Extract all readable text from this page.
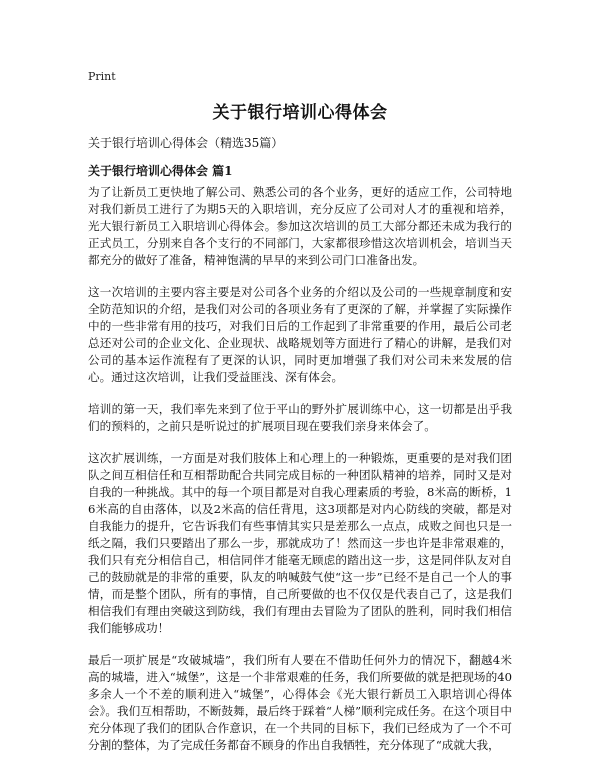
Print
关于银行培训心得体会

关于银行培训心得体会（精选35篇）

关于银行培训心得体会 篇1

为了让新员工更快地了解公司、熟悉公司的各个业务，更好的适应工作，公司特地对我们新员工进行了为期5天的入职培训，充分反应了公司对人才的重视和培养，光大银行新员工入职培训心得体会。参加这次培训的员工大部分都还未成为我行的正式员工，分别来自各个支行的不同部门，大家都很珍惜这次培训机会，培训当天都充分的做好了准备，精神饱满的早早的来到公司门口准备出发。

这一次培训的主要内容主要是对公司各个业务的介绍以及公司的一些规章制度和安全防范知识的介绍，是我们对公司的各项业务有了更深的了解，并掌握了实际操作中的一些非常有用的技巧，对我们日后的工作起到了非常重要的作用，最后公司老总还对公司的企业文化、企业现状、战略规划等方面进行了精心的讲解，是我们对公司的基本运作流程有了更深的认识，同时更加增强了我们对公司未来发展的信心。通过这次培训，让我们受益匪浅、深有体会。

培训的第一天，我们率先来到了位于平山的野外扩展训练中心，这一切都是出乎我们的预料的，之前只是听说过的扩展项目现在要我们亲身来体会了。

这次扩展训练，一方面是对我们肢体上和心理上的一种锻炼，更重要的是对我们团队之间互相信任和互相帮助配合共同完成目标的一种团队精神的培养，同时又是对自我的一种挑战。其中的每一个项目都是对自我心理素质的考验，8米高的断桥，16米高的自由落体，以及2米高的信任背甩，这3项都是对内心防线的突破，都是对自我能力的提升，它告诉我们有些事情其实只是差那么一点点，成败之间也只是一纸之隔，我们只要踏出了那么一步，那就成功了！然而这一步也许是非常艰难的，我们只有充分相信自己，相信同伴才能毫无顾虑的踏出这一步，这是同伴队友对自己的鼓励就是的非常的重要，队友的呐喊鼓气使“这一步”已经不是自己一个人的事情，而是整个团队，所有的事情，自己所要做的也不仅仅是代表自己了，这是我们相信我们有理由突破这到防线，我们有理由去冒险为了团队的胜利，同时我们相信我们能够成功！

最后一项扩展是“攻破城墙”，我们所有人要在不借助任何外力的情况下，翻越4米高的城墙，进入“城堡”，这是一个非常艰难的任务，我们所要做的就是把现场的40多余人一个不差的顺利进入“城堡”，心得体会《光大银行新员工入职培训心得体会》。我们互相帮助，不断鼓舞，最后终于踩着“人梯”顺利完成任务。在这个项目中充分体现了我们的团队合作意识，在一个共同的目标下，我们已经成为了一个不可分割的整体，为了完成任务都奋不顾身的作出自我牺牲，充分体现了“成就大我，
